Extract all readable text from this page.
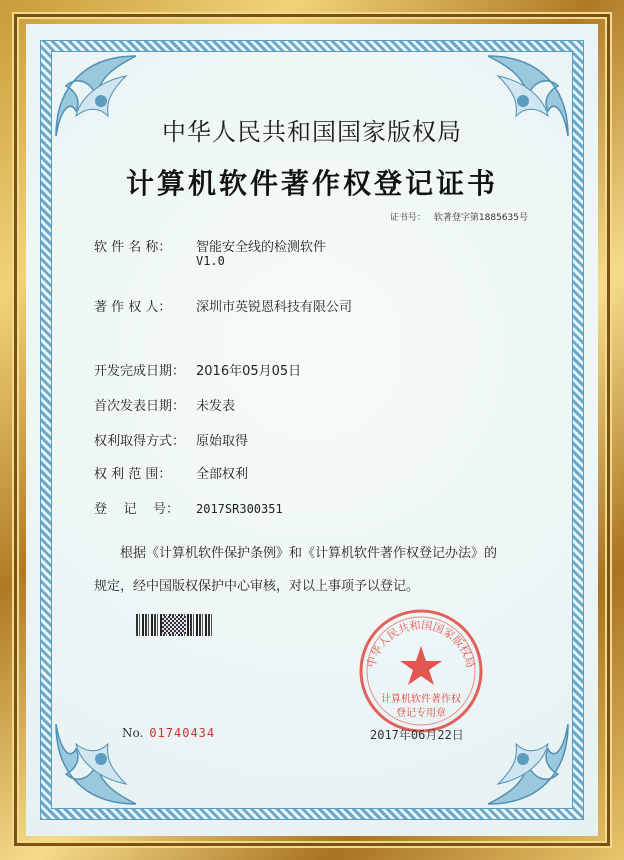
中华人民共和国国家版权局
计算机软件著作权登记证书
证书号： 软著登字第1885635号
软 件 名 称： 智能安全线的检测软件
V1.0
著 作 权 人： 深圳市英锐恩科技有限公司
开发完成日期： 2016年05月05日
首次发表日期： 未发表
权利取得方式： 原始取得
权 利 范 围： 全部权利
登    记    号： 2017SR300351
根据《计算机软件保护条例》和《计算机软件著作权登记办法》的
规定，经中国版权保护中心审核，对以上事项予以登记。
中华人民共和国国家版权局
计算机软件著作权
登记专用章
No. 01740434	2017年06月22日
